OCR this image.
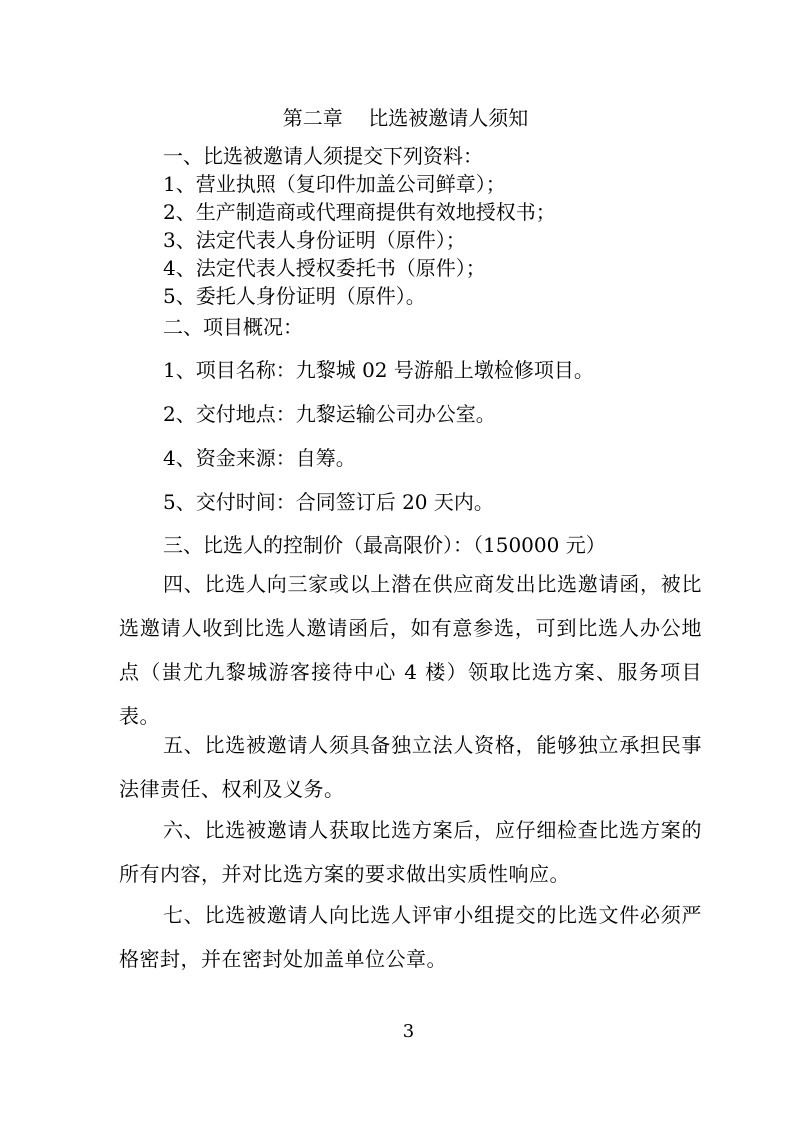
第二章    比选被邀请人须知
一、比选被邀请人须提交下列资料：
1、营业执照（复印件加盖公司鲜章）；
2、生产制造商或代理商提供有效地授权书；
3、法定代表人身份证明（原件）；
4、法定代表人授权委托书（原件）；
5、委托人身份证明（原件）。
二、项目概况：
1、项目名称：九黎城 02 号游船上墩检修项目。
2、交付地点：九黎运输公司办公室。
4、资金来源：自筹。
5、交付时间：合同签订后 20 天内。
三、比选人的控制价（最高限价）：（150000 元）
四、比选人向三家或以上潜在供应商发出比选邀请函，被比选邀请人收到比选人邀请函后，如有意参选，可到比选人办公地点（蚩尤九黎城游客接待中心 4 楼）领取比选方案、服务项目表。
五、比选被邀请人须具备独立法人资格，能够独立承担民事法律责任、权利及义务。
六、比选被邀请人获取比选方案后，应仔细检查比选方案的所有内容，并对比选方案的要求做出实质性响应。
七、比选被邀请人向比选人评审小组提交的比选文件必须严格密封，并在密封处加盖单位公章。
3
